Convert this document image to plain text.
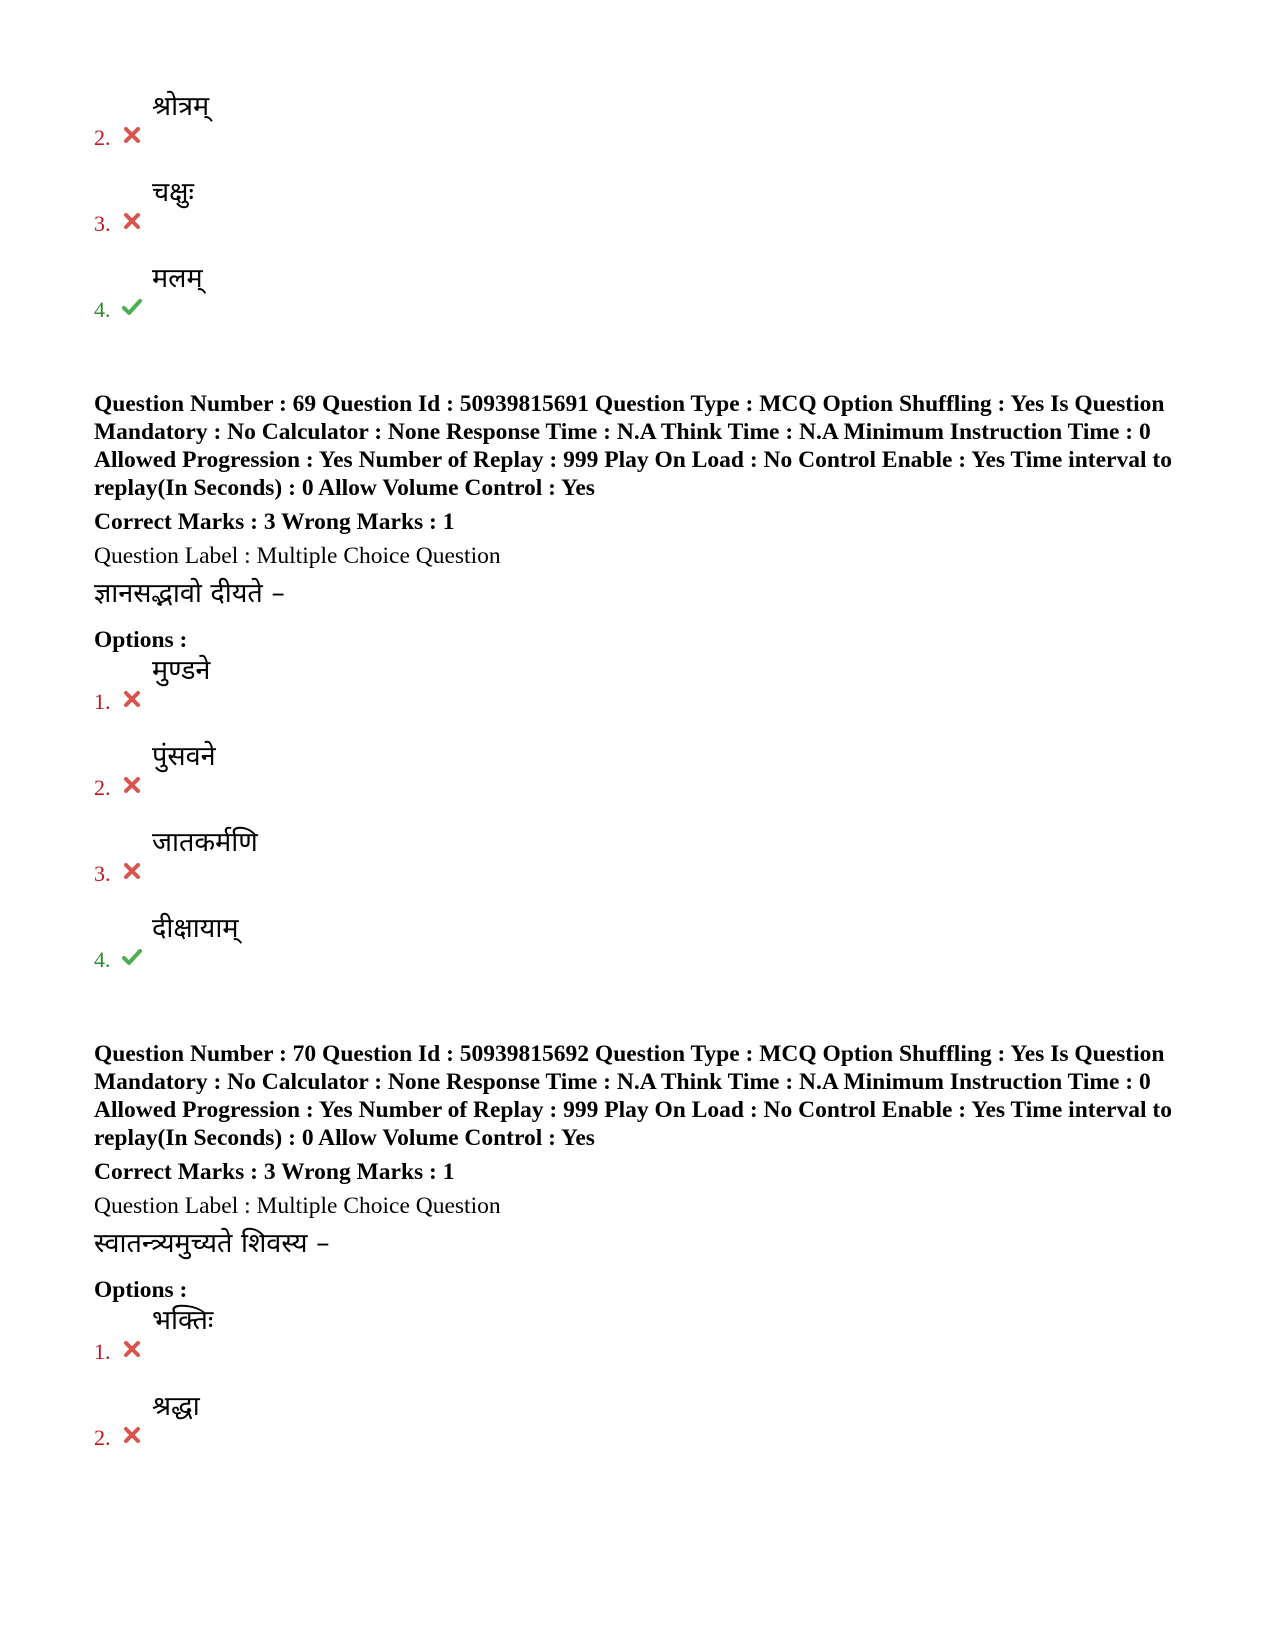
2.
श्रोत्रम्
3.
चक्षुः
4.
मलम्

Question Number : 69 Question Id : 50939815691 Question Type : MCQ Option Shuffling : Yes Is Question Mandatory : No Calculator : None Response Time : N.A Think Time : N.A Minimum Instruction Time : 0 Allowed Progression : Yes Number of Replay : 999 Play On Load : No Control Enable : Yes Time interval to replay(In Seconds) : 0 Allow Volume Control : Yes

Correct Marks : 3 Wrong Marks : 1
Question Label : Multiple Choice Question
ज्ञानसद्भावो दीयते –
Options :
1.
मुण्डने
2.
पुंसवने
3.
जातकर्मणि
4.
दीक्षायाम्

Question Number : 70 Question Id : 50939815692 Question Type : MCQ Option Shuffling : Yes Is Question Mandatory : No Calculator : None Response Time : N.A Think Time : N.A Minimum Instruction Time : 0 Allowed Progression : Yes Number of Replay : 999 Play On Load : No Control Enable : Yes Time interval to replay(In Seconds) : 0 Allow Volume Control : Yes

Correct Marks : 3 Wrong Marks : 1
Question Label : Multiple Choice Question
स्वातन्त्र्यमुच्यते शिवस्य –
Options :
1.
भक्तिः
2.
श्रद्धा
